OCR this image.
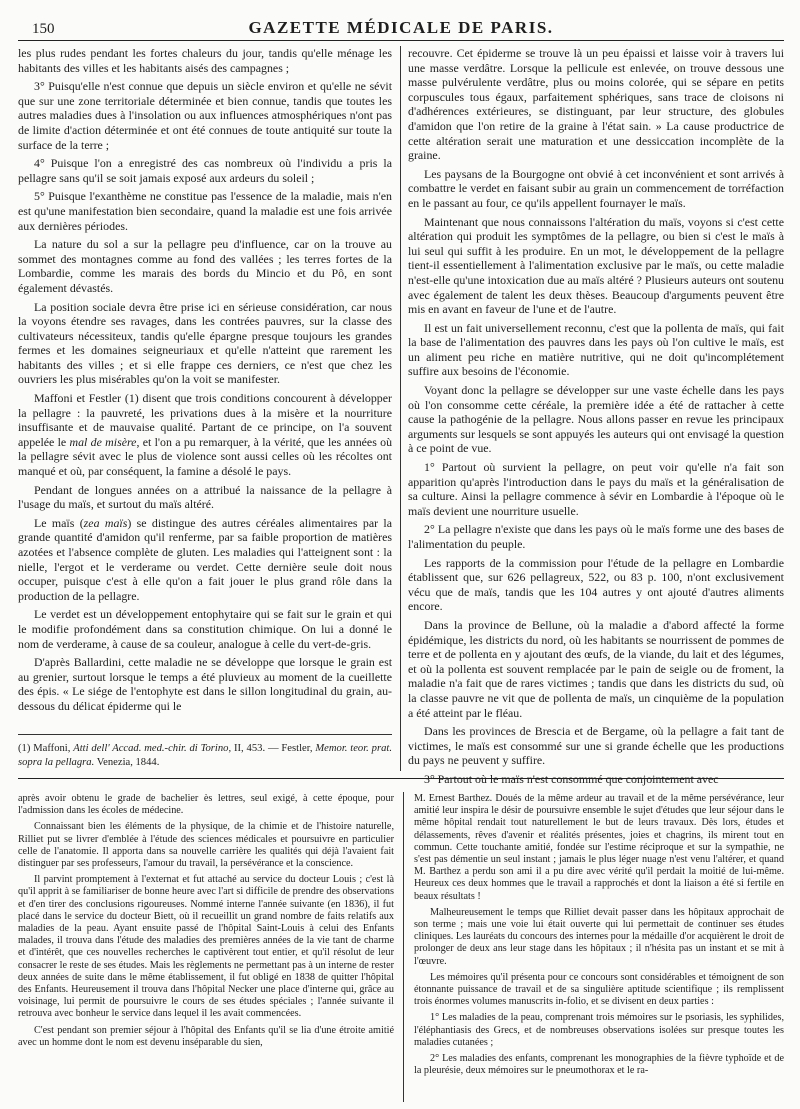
150	GAZETTE MÉDICALE DE PARIS.

les plus rudes pendant les fortes chaleurs du jour, tandis qu'elle ménage les habitants des villes et les habitants aisés des campagnes ;

3° Puisqu'elle n'est connue que depuis un siècle environ et qu'elle ne sévit que sur une zone territoriale déterminée et bien connue, tandis que toutes les autres maladies dues à l'insolation ou aux influences atmosphériques n'ont pas de limite d'action déterminée et ont été connues de toute antiquité sur toute la surface de la terre ;

4° Puisque l'on a enregistré des cas nombreux où l'individu a pris la pellagre sans qu'il se soit jamais exposé aux ardeurs du soleil ;

5° Puisque l'exanthème ne constitue pas l'essence de la maladie, mais n'en est qu'une manifestation bien secondaire, quand la maladie est une fois arrivée aux dernières périodes.

La nature du sol a sur la pellagre peu d'influence, car on la trouve au sommet des montagnes comme au fond des vallées ; les terres fortes de la Lombardie, comme les marais des bords du Mincio et du Pô, en sont également dévastés.

La position sociale devra être prise ici en sérieuse considération, car nous la voyons étendre ses ravages, dans les contrées pauvres, sur la classe des cultivateurs nécessiteux, tandis qu'elle épargne presque toujours les grandes fermes et les domaines seigneuriaux et qu'elle n'atteint que rarement les habitants des villes ; et si elle frappe ces derniers, ce n'est que chez les ouvriers les plus misérables qu'on la voit se manifester.

Maffoni et Festler (1) disent que trois conditions concourent à développer la pellagre : la pauvreté, les privations dues à la misère et la nourriture insuffisante et de mauvaise qualité. Partant de ce principe, on l'a souvent appelée le mal de misère, et l'on a pu remarquer, à la vérité, que les années où la pellagre sévit avec le plus de violence sont aussi celles où les récoltes ont manqué et où, par conséquent, la famine a désolé le pays.

Pendant de longues années on a attribué la naissance de la pellagre à l'usage du maïs, et surtout du maïs altéré.

Le maïs (zea maïs) se distingue des autres céréales alimentaires par la grande quantité d'amidon qu'il renferme, par sa faible proportion de matières azotées et l'absence complète de gluten. Les maladies qui l'atteignent sont : la nielle, l'ergot et le verderame ou verdet. Cette dernière seule doit nous occuper, puisque c'est à elle qu'on a fait jouer le plus grand rôle dans la production de la pellagre.

Le verdet est un développement entophytaire qui se fait sur le grain et qui le modifie profondément dans sa constitution chimique. On lui a donné le nom de verderame, à cause de sa couleur, analogue à celle du vert-de-gris.

D'après Ballardini, cette maladie ne se développe que lorsque le grain est au grenier, surtout lorsque le temps a été pluvieux au moment de la cueillette des épis. « Le siége de l'entophyte est dans le sillon longitudinal du grain, au-dessous du délicat épiderme qui le

(1) Maffoni, Atti dell' Accad. med.-chir. di Torino, II, 453. — Festler, Memor. teor. prat. sopra la pellagra. Venezia, 1844.

recouvre. Cet épiderme se trouve là un peu épaissi et laisse voir à travers lui une masse verdâtre. Lorsque la pellicule est enlevée, on trouve dessous une masse pulvérulente verdâtre, plus ou moins colorée, qui se sépare en petits corpuscules tous égaux, parfaitement sphériques, sans trace de cloisons ni d'adhérences extérieures, se distinguant, par leur structure, des globules d'amidon que l'on retire de la graine à l'état sain. » La cause productrice de cette altération serait une maturation et une dessiccation incomplète de la graine.

Les paysans de la Bourgogne ont obvié à cet inconvénient et sont arrivés à combattre le verdet en faisant subir au grain un commencement de torréfaction en le passant au four, ce qu'ils appellent fournayer le maïs.

Maintenant que nous connaissons l'altération du maïs, voyons si c'est cette altération qui produit les symptômes de la pellagre, ou bien si c'est le maïs à lui seul qui suffit à les produire. En un mot, le développement de la pellagre tient-il essentiellement à l'alimentation exclusive par le maïs, ou cette maladie n'est-elle qu'une intoxication due au maïs altéré ? Plusieurs auteurs ont soutenu avec également de talent les deux thèses. Beaucoup d'arguments peuvent être mis en avant en faveur de l'une et de l'autre.

Il est un fait universellement reconnu, c'est que la pollenta de maïs, qui fait la base de l'alimentation des pauvres dans les pays où l'on cultive le maïs, est un aliment peu riche en matière nutritive, qui ne doit qu'incomplétement suffire aux besoins de l'économie.

Voyant donc la pellagre se développer sur une vaste échelle dans les pays où l'on consomme cette céréale, la première idée a été de rattacher à cette cause la pathogénie de la pellagre. Nous allons passer en revue les principaux arguments sur lesquels se sont appuyés les auteurs qui ont envisagé la question à ce point de vue.

1° Partout où survient la pellagre, on peut voir qu'elle n'a fait son apparition qu'après l'introduction dans le pays du maïs et la généralisation de sa culture. Ainsi la pellagre commence à sévir en Lombardie à l'époque où le maïs devient une nourriture usuelle.

2° La pellagre n'existe que dans les pays où le maïs forme une des bases de l'alimentation du peuple.

Les rapports de la commission pour l'étude de la pellagre en Lombardie établissent que, sur 626 pellagreux, 522, ou 83 p. 100, n'ont exclusivement vécu que de maïs, tandis que les 104 autres y ont ajouté d'autres aliments encore.

Dans la province de Bellune, où la maladie a d'abord affecté la forme épidémique, les districts du nord, où les habitants se nourrissent de pommes de terre et de pollenta en y ajoutant des œufs, de la viande, du lait et des légumes, et où la pollenta est souvent remplacée par le pain de seigle ou de froment, la maladie n'a fait que de rares victimes ; tandis que dans les districts du sud, où la classe pauvre ne vit que de pollenta de maïs, un cinquième de la population a été atteint par le fléau.

Dans les provinces de Brescia et de Bergame, où la pellagre a fait tant de victimes, le maïs est consommé sur une si grande échelle que les productions du pays ne peuvent y suffire.

3° Partout où le maïs n'est consommé que conjointement avec

après avoir obtenu le grade de bachelier ès lettres, seul exigé, à cette époque, pour l'admission dans les écoles de médecine.

Connaissant bien les éléments de la physique, de la chimie et de l'histoire naturelle, Rilliet put se livrer d'emblée à l'étude des sciences médicales et poursuivre en particulier celle de l'anatomie. Il apporta dans sa nouvelle carrière les qualités qui déjà l'avaient fait distinguer par ses professeurs, l'amour du travail, la persévérance et la conscience.

Il parvint promptement à l'externat et fut attaché au service du docteur Louis ; c'est là qu'il apprit à se familiariser de bonne heure avec l'art si difficile de prendre des observations et d'en tirer des conclusions rigoureuses. Nommé interne l'année suivante (en 1836), il fut placé dans le service du docteur Biett, où il recueillit un grand nombre de faits relatifs aux maladies de la peau. Ayant ensuite passé de l'hôpital Saint-Louis à celui des Enfants malades, il trouva dans l'étude des maladies des premières années de la vie tant de charme et d'intérêt, que ces nouvelles recherches le captivèrent tout entier, et qu'il résolut de leur consacrer le reste de ses études. Mais les règlements ne permettant pas à un interne de rester deux années de suite dans le même établissement, il fut obligé en 1838 de quitter l'hôpital des Enfants. Heureusement il trouva dans l'hôpital Necker une place d'interne qui, grâce au voisinage, lui permit de poursuivre le cours de ses études spéciales ; l'année suivante il retrouva avec bonheur le service dans lequel il les avait commencées.

C'est pendant son premier séjour à l'hôpital des Enfants qu'il se lia d'une étroite amitié avec un homme dont le nom est devenu inséparable du sien,

M. Ernest Barthez. Doués de la même ardeur au travail et de la même persévérance, leur amitié leur inspira le désir de poursuivre ensemble le sujet d'études que leur séjour dans le même hôpital rendait tout naturellement le but de leurs travaux. Dès lors, études et délassements, rêves d'avenir et réalités présentes, joies et chagrins, ils mirent tout en commun. Cette touchante amitié, fondée sur l'estime réciproque et sur la sympathie, ne s'est pas démentie un seul instant ; jamais le plus léger nuage n'est venu l'altérer, et quand M. Barthez a perdu son ami il a pu dire avec vérité qu'il perdait la moitié de lui-même. Heureux ces deux hommes que le travail a rapprochés et dont la liaison a été si fertile en beaux résultats !

Malheureusement le temps que Rilliet devait passer dans les hôpitaux approchait de son terme ; mais une voie lui était ouverte qui lui permettait de continuer ses études cliniques. Les lauréats du concours des internes pour la médaille d'or acquièrent le droit de prolonger de deux ans leur stage dans les hôpitaux ; il n'hésita pas un instant et se mit à l'œuvre.

Les mémoires qu'il présenta pour ce concours sont considérables et témoignent de son étonnante puissance de travail et de sa singulière aptitude scientifique ; ils remplissent trois énormes volumes manuscrits in-folio, et se divisent en deux parties :

1° Les maladies de la peau, comprenant trois mémoires sur le psoriasis, les syphilides, l'éléphantiasis des Grecs, et de nombreuses observations isolées sur presque toutes les maladies cutanées ;

2° Les maladies des enfants, comprenant les monographies de la fièvre typhoïde et de la pleurésie, deux mémoires sur le pneumothorax et le ra-
